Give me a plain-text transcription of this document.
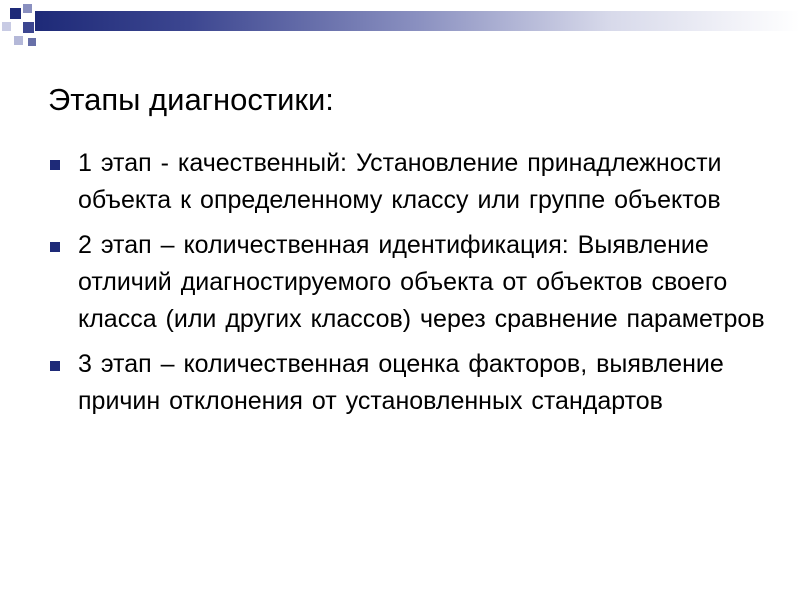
Этапы диагностики:
1 этап - качественный: Установление принадлежности объекта к определенному классу или группе объектов
2 этап – количественная идентификация: Выявление отличий диагностируемого объекта от объектов своего класса (или других классов) через сравнение параметров
3 этап – количественная оценка факторов, выявление причин отклонения от установленных стандартов
